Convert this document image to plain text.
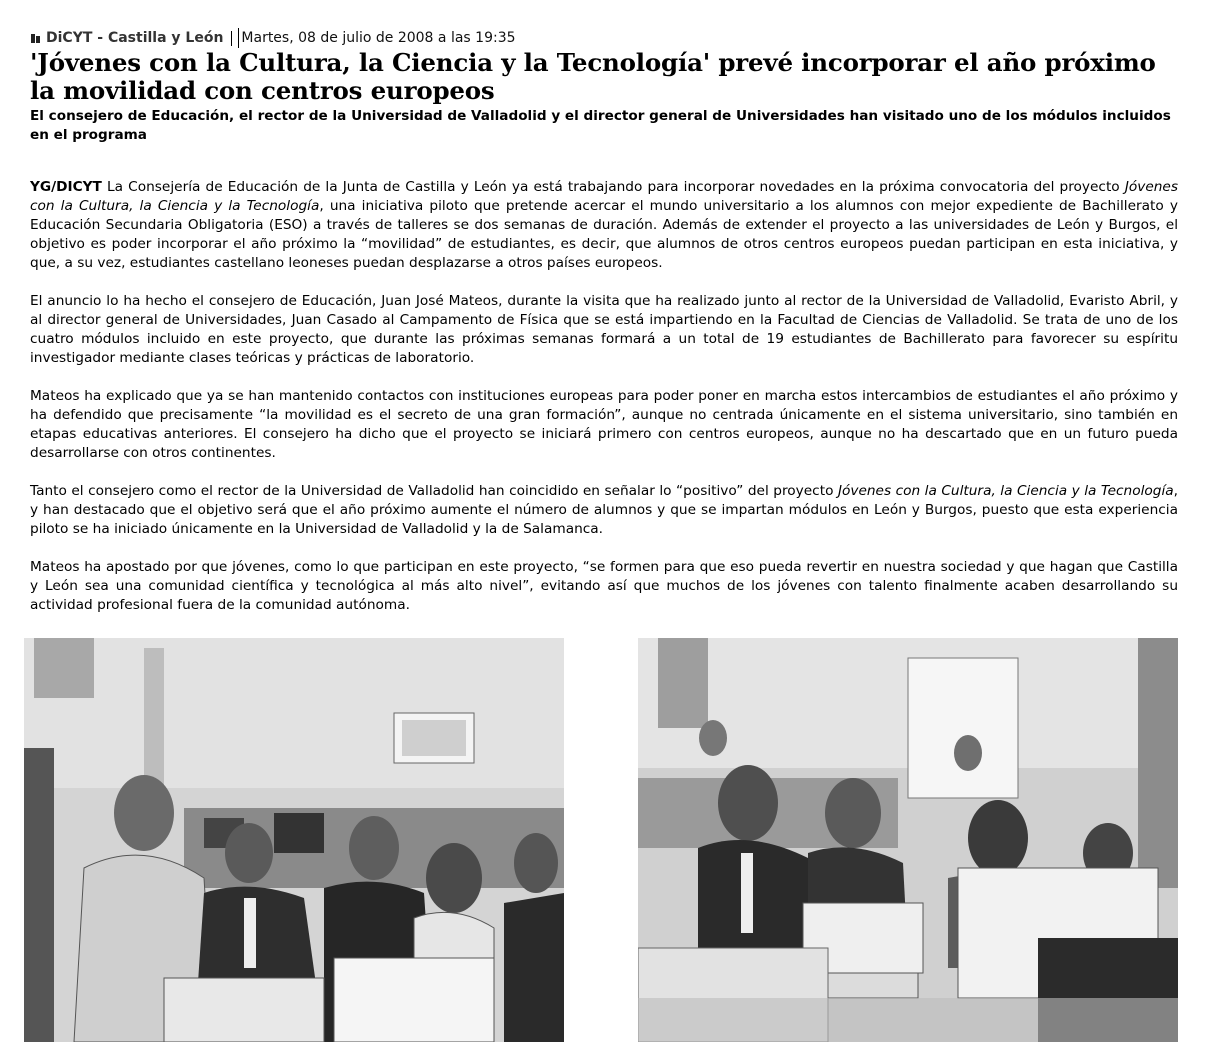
DiCYT - Castilla y León Martes, 08 de julio de 2008 a las 19:35
'Jóvenes con la Cultura, la Ciencia y la Tecnología' prevé incorporar el año próximo la movilidad con centros europeos
El consejero de Educación, el rector de la Universidad de Valladolid y el director general de Universidades han visitado uno de los módulos incluidos en el programa

YG/DICYT La Consejería de Educación de la Junta de Castilla y León ya está trabajando para incorporar novedades en la próxima convocatoria del proyecto Jóvenes con la Cultura, la Ciencia y la Tecnología, una iniciativa piloto que pretende acercar el mundo universitario a los alumnos con mejor expediente de Bachillerato y Educación Secundaria Obligatoria (ESO) a través de talleres se dos semanas de duración. Además de extender el proyecto a las universidades de León y Burgos, el objetivo es poder incorporar el año próximo la “movilidad” de estudiantes, es decir, que alumnos de otros centros europeos puedan participan en esta iniciativa, y que, a su vez, estudiantes castellano leoneses puedan desplazarse a otros países europeos.

El anuncio lo ha hecho el consejero de Educación, Juan José Mateos, durante la visita que ha realizado junto al rector de la Universidad de Valladolid, Evaristo Abril, y al director general de Universidades, Juan Casado al Campamento de Física que se está impartiendo en la Facultad de Ciencias de Valladolid. Se trata de uno de los cuatro módulos incluido en este proyecto, que durante las próximas semanas formará a un total de 19 estudiantes de Bachillerato para favorecer su espíritu investigador mediante clases teóricas y prácticas de laboratorio.

Mateos ha explicado que ya se han mantenido contactos con instituciones europeas para poder poner en marcha estos intercambios de estudiantes el año próximo y ha defendido que precisamente “la movilidad es el secreto de una gran formación”, aunque no centrada únicamente en el sistema universitario, sino también en etapas educativas anteriores. El consejero ha dicho que el proyecto se iniciará primero con centros europeos, aunque no ha descartado que en un futuro pueda desarrollarse con otros continentes.

Tanto el consejero como el rector de la Universidad de Valladolid han coincidido en señalar lo “positivo” del proyecto Jóvenes con la Cultura, la Ciencia y la Tecnología, y han destacado que el objetivo será que el año próximo aumente el número de alumnos y que se impartan módulos en León y Burgos, puesto que esta experiencia piloto se ha iniciado únicamente en la Universidad de Valladolid y la de Salamanca.

Mateos ha apostado por que jóvenes, como lo que participan en este proyecto, “se formen para que eso pueda revertir en nuestra sociedad y que hagan que Castilla y León sea una comunidad científica y tecnológica al más alto nivel”, evitando así que muchos de los jóvenes con talento finalmente acaben desarrollando su actividad profesional fuera de la comunidad autónoma.
